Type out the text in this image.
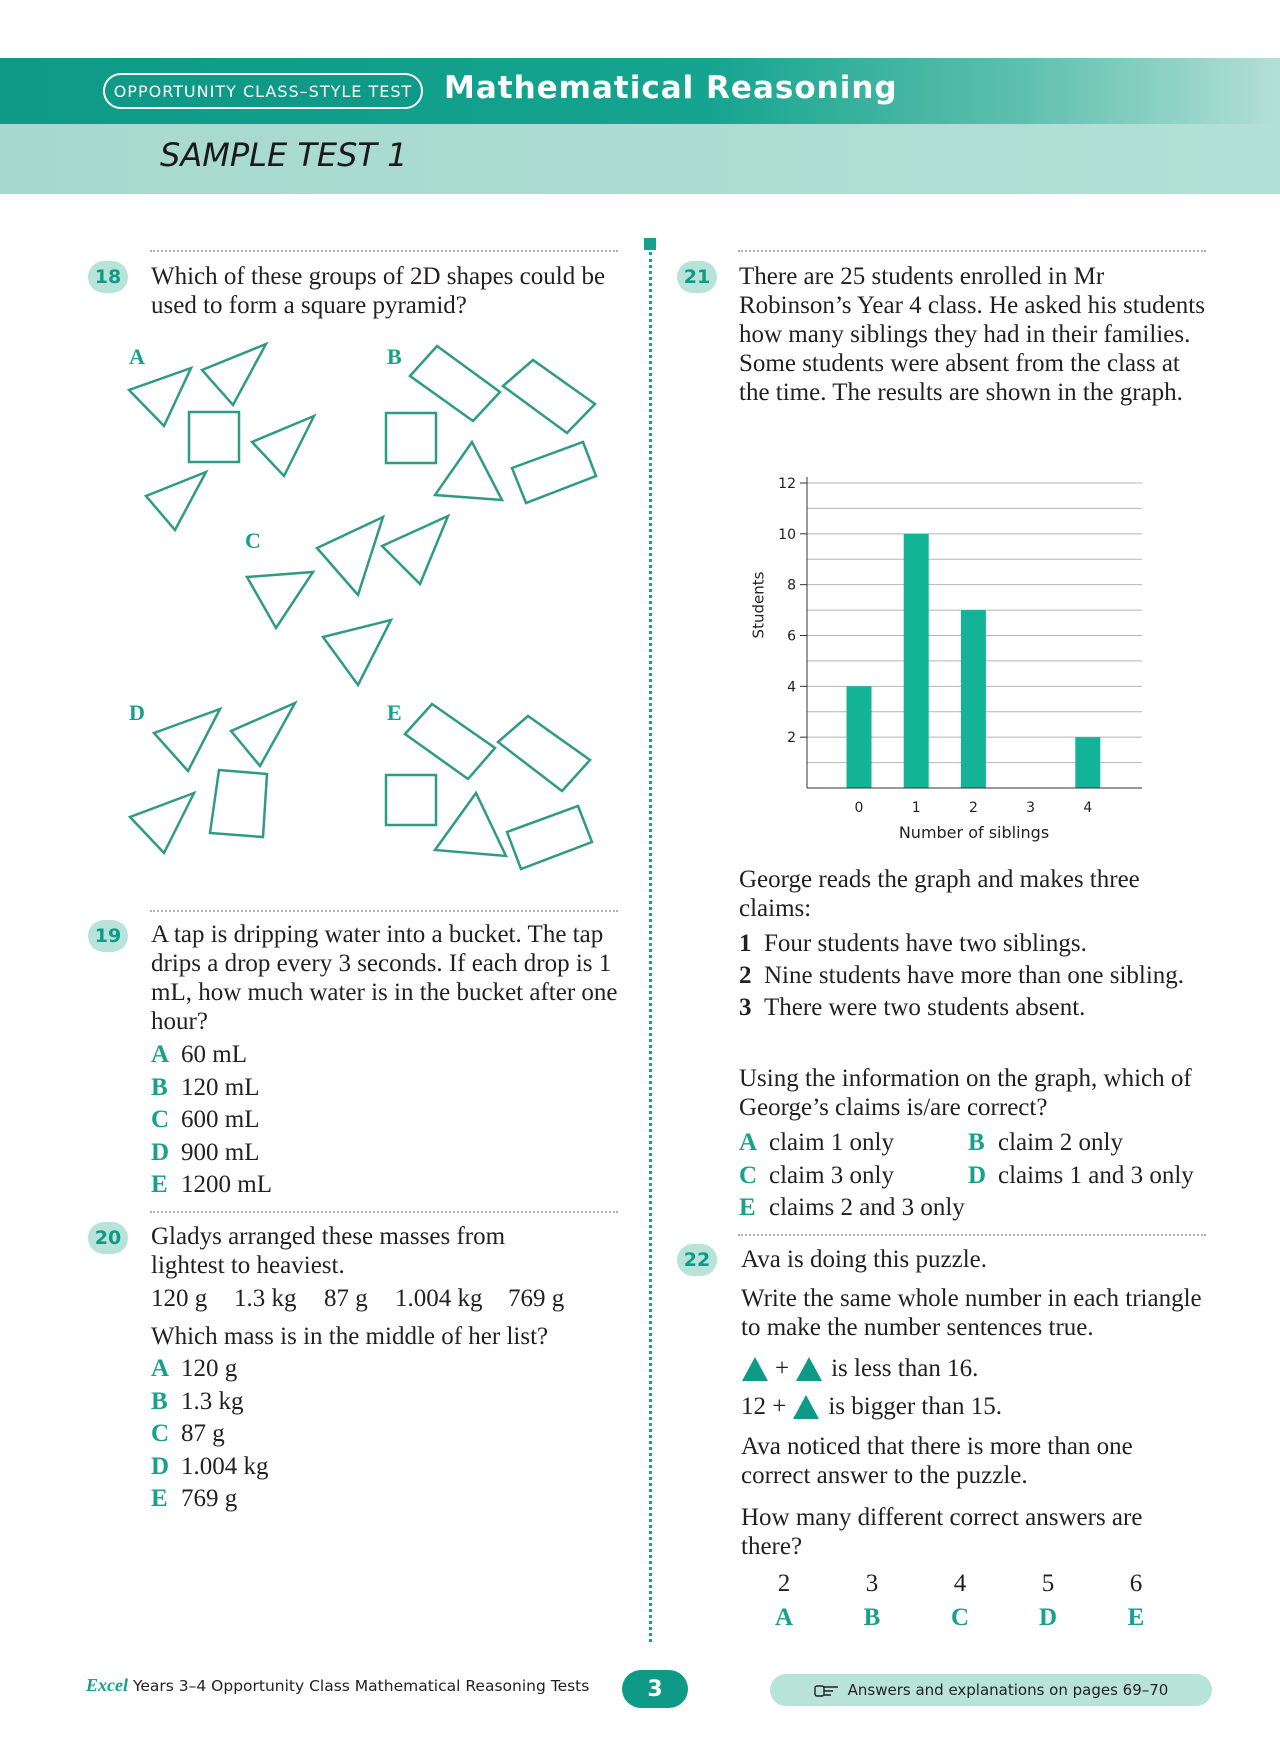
OPPORTUNITY CLASS–STYLE TEST	Mathematical Reasoning
SAMPLE TEST 1
18 Which of these groups of 2D shapes could be used to form a square pyramid?
A	B
C
D	E
19 A tap is dripping water into a bucket. The tap drips a drop every 3 seconds. If each drop is 1 mL, how much water is in the bucket after one hour?
A 60 mL
B 120 mL
C 600 mL
D 900 mL
E 1200 mL
20 Gladys arranged these masses from lightest to heaviest.
120 g	1.3 kg	87 g	1.004 kg	769 g
Which mass is in the middle of her list?
A 120 g
B 1.3 kg
C 87 g
D 1.004 kg
E 769 g
21 There are 25 students enrolled in Mr Robinson’s Year 4 class. He asked his students how many siblings they had in their families. Some students were absent from the class at the time. The results are shown in the graph.
2
4
6
8
10
12
0	1	2	3	4
Students
Number of siblings
George reads the graph and makes three claims:
1 Four students have two siblings.
2 Nine students have more than one sibling.
3 There were two students absent.
Using the information on the graph, which of George’s claims is/are correct?
A claim 1 only	B claim 2 only
C claim 3 only	D claims 1 and 3 only
E claims 2 and 3 only
22 Ava is doing this puzzle.
Write the same whole number in each triangle to make the number sentences true.
+ is less than 16.
12 + is bigger than 15.
Ava noticed that there is more than one correct answer to the puzzle.
How many different correct answers are there?
2
A
3
B
4
C
5
D
6
E
Excel Years 3–4 Opportunity Class Mathematical Reasoning Tests	3	Answers and explanations on pages 69–70
